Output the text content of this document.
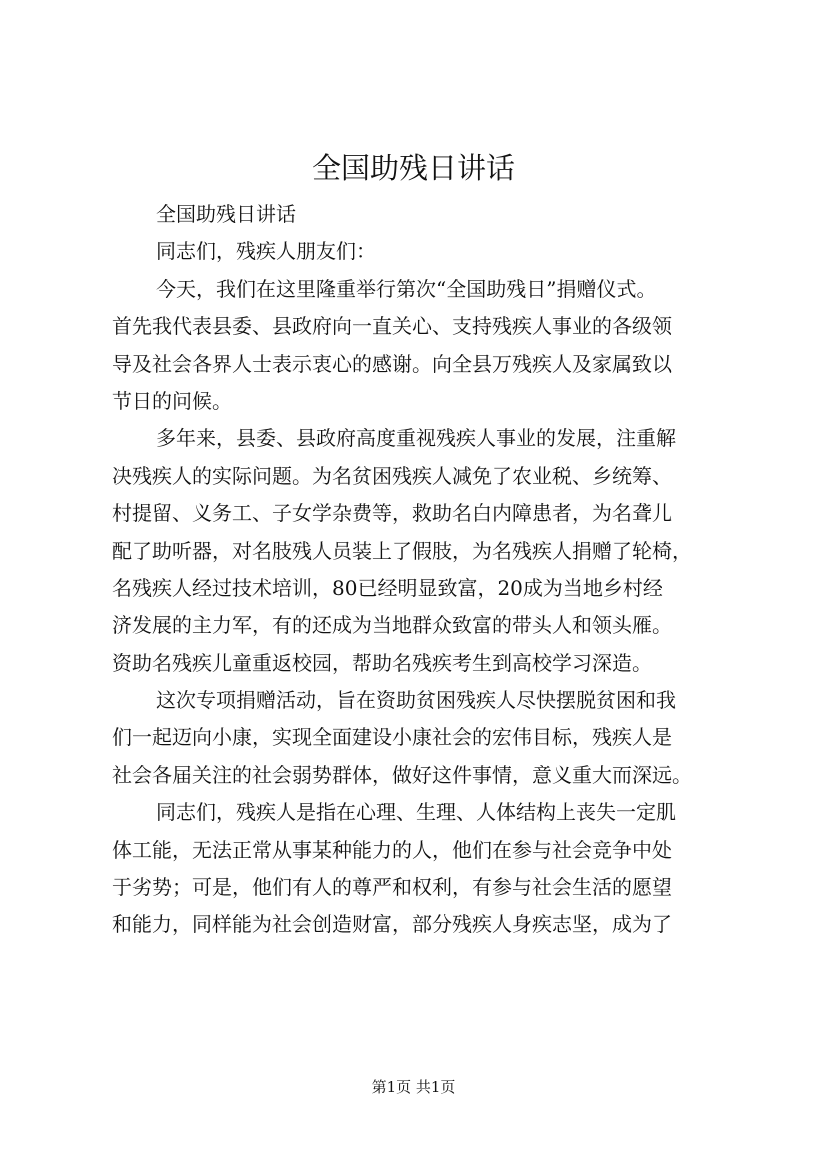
全国助残日讲话
全国助残日讲话
同志们，残疾人朋友们：
今天，我们在这里隆重举行第次“全国助残日”捐赠仪式。
首先我代表县委、县政府向一直关心、支持残疾人事业的各级领
导及社会各界人士表示衷心的感谢。向全县万残疾人及家属致以
节日的问候。
多年来，县委、县政府高度重视残疾人事业的发展，注重解
决残疾人的实际问题。为名贫困残疾人减免了农业税、乡统筹、
村提留、义务工、子女学杂费等，救助名白内障患者，为名聋儿
配了助听器，对名肢残人员装上了假肢，为名残疾人捐赠了轮椅，
名残疾人经过技术培训，80已经明显致富，20成为当地乡村经
济发展的主力军，有的还成为当地群众致富的带头人和领头雁。
资助名残疾儿童重返校园，帮助名残疾考生到高校学习深造。
这次专项捐赠活动，旨在资助贫困残疾人尽快摆脱贫困和我
们一起迈向小康，实现全面建设小康社会的宏伟目标，残疾人是
社会各届关注的社会弱势群体，做好这件事情，意义重大而深远。
同志们，残疾人是指在心理、生理、人体结构上丧失一定肌
体工能，无法正常从事某种能力的人，他们在参与社会竞争中处
于劣势；可是，他们有人的尊严和权利，有参与社会生活的愿望
和能力，同样能为社会创造财富，部分残疾人身疾志坚，成为了
第1页 共1页
